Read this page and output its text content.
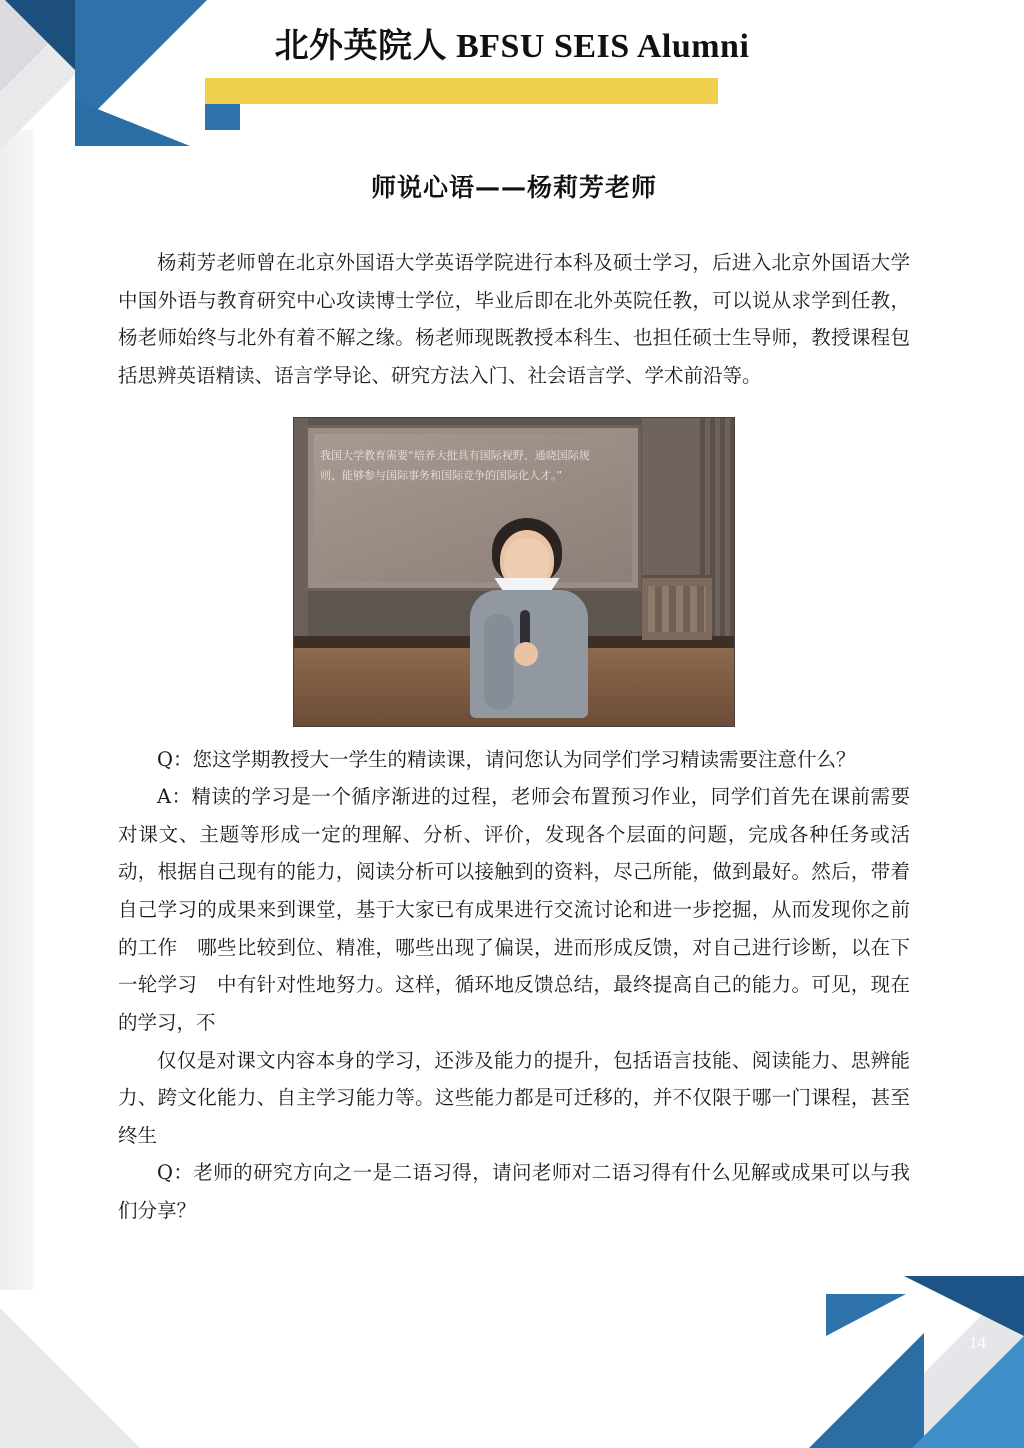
北外英院人 BFSU SEIS Alumni
师说心语——杨莉芳老师

杨莉芳老师曾在北京外国语大学英语学院进行本科及硕士学习，后进入北京外国语大学中国外语与教育研究中心攻读博士学位，毕业后即在北外英院任教，可以说从求学到任教，杨老师始终与北外有着不解之缘。杨老师现既教授本科生、也担任硕士生导师，教授课程包括思辨英语精读、语言学导论、研究方法入门、社会语言学、学术前沿等。

我国大学教育需要“培养大批具有国际视野、通晓国际规则、能够参与国际事务和国际竞争的国际化人才。”

Q：您这学期教授大一学生的精读课，请问您认为同学们学习精读需要注意什么？

A：精读的学习是一个循序渐进的过程，老师会布置预习作业，同学们首先在课前需要对课文、主题等形成一定的理解、分析、评价，发现各个层面的问题，完成各种任务或活动，根据自己现有的能力，阅读分析可以接触到的资料，尽己所能，做到最好。然后，带着自己学习的成果来到课堂，基于大家已有成果进行交流讨论和进一步挖掘，从而发现你之前的工作　哪些比较到位、精准，哪些出现了偏误，进而形成反馈，对自己进行诊断，以在下一轮学习　中有针对性地努力。这样，循环地反馈总结，最终提高自己的能力。可见，现在的学习，不

仅仅是对课文内容本身的学习，还涉及能力的提升，包括语言技能、阅读能力、思辨能力、跨文化能力、自主学习能力等。这些能力都是可迁移的，并不仅限于哪一门课程，甚至终生

Q：老师的研究方向之一是二语习得，请问老师对二语习得有什么见解或成果可以与我们分享？

14
